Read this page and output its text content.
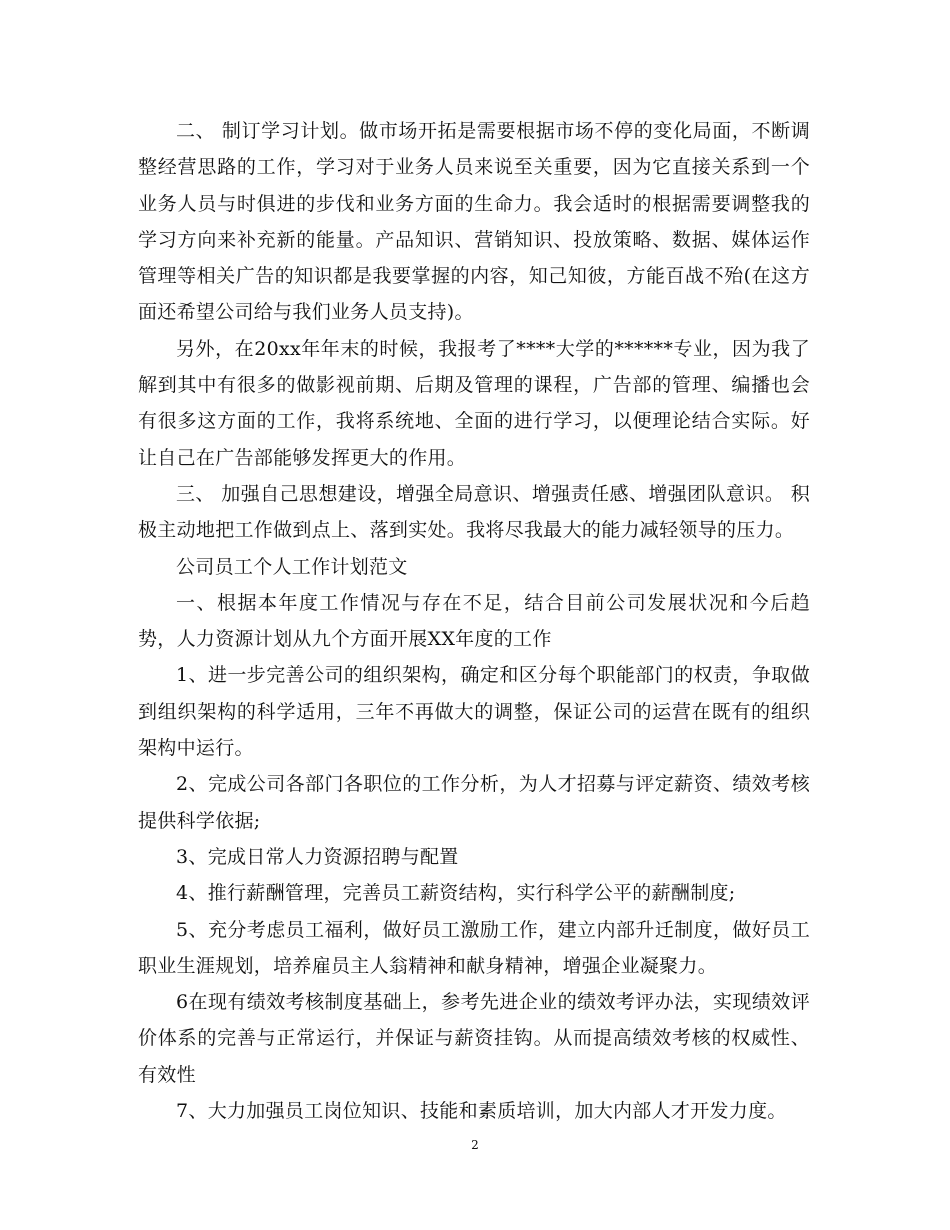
二、 制订学习计划。做市场开拓是需要根据市场不停的变化局面，不断调整经营思路的工作，学习对于业务人员来说至关重要，因为它直接关系到一个业务人员与时俱进的步伐和业务方面的生命力。我会适时的根据需要调整我的学习方向来补充新的能量。产品知识、营销知识、投放策略、数据、媒体运作管理等相关广告的知识都是我要掌握的内容，知己知彼，方能百战不殆(在这方面还希望公司给与我们业务人员支持)。

另外，在20xx年年末的时候，我报考了****大学的******专业，因为我了解到其中有很多的做影视前期、后期及管理的课程，广告部的管理、编播也会有很多这方面的工作，我将系统地、全面的进行学习，以便理论结合实际。好让自己在广告部能够发挥更大的作用。

三、 加强自己思想建设，增强全局意识、增强责任感、增强团队意识。 积极主动地把工作做到点上、落到实处。我将尽我最大的能力减轻领导的压力。

公司员工个人工作计划范文

一、根据本年度工作情况与存在不足，结合目前公司发展状况和今后趋势，人力资源计划从九个方面开展XX年度的工作

1、进一步完善公司的组织架构，确定和区分每个职能部门的权责，争取做到组织架构的科学适用，三年不再做大的调整，保证公司的运营在既有的组织架构中运行。

2、完成公司各部门各职位的工作分析，为人才招募与评定薪资、绩效考核提供科学依据;

3、完成日常人力资源招聘与配置

4、推行薪酬管理，完善员工薪资结构，实行科学公平的薪酬制度;

5、充分考虑员工福利，做好员工激励工作，建立内部升迁制度，做好员工职业生涯规划，培养雇员主人翁精神和献身精神，增强企业凝聚力。

6在现有绩效考核制度基础上，参考先进企业的绩效考评办法，实现绩效评价体系的完善与正常运行，并保证与薪资挂钩。从而提高绩效考核的权威性、有效性

7、大力加强员工岗位知识、技能和素质培训，加大内部人才开发力度。

2
